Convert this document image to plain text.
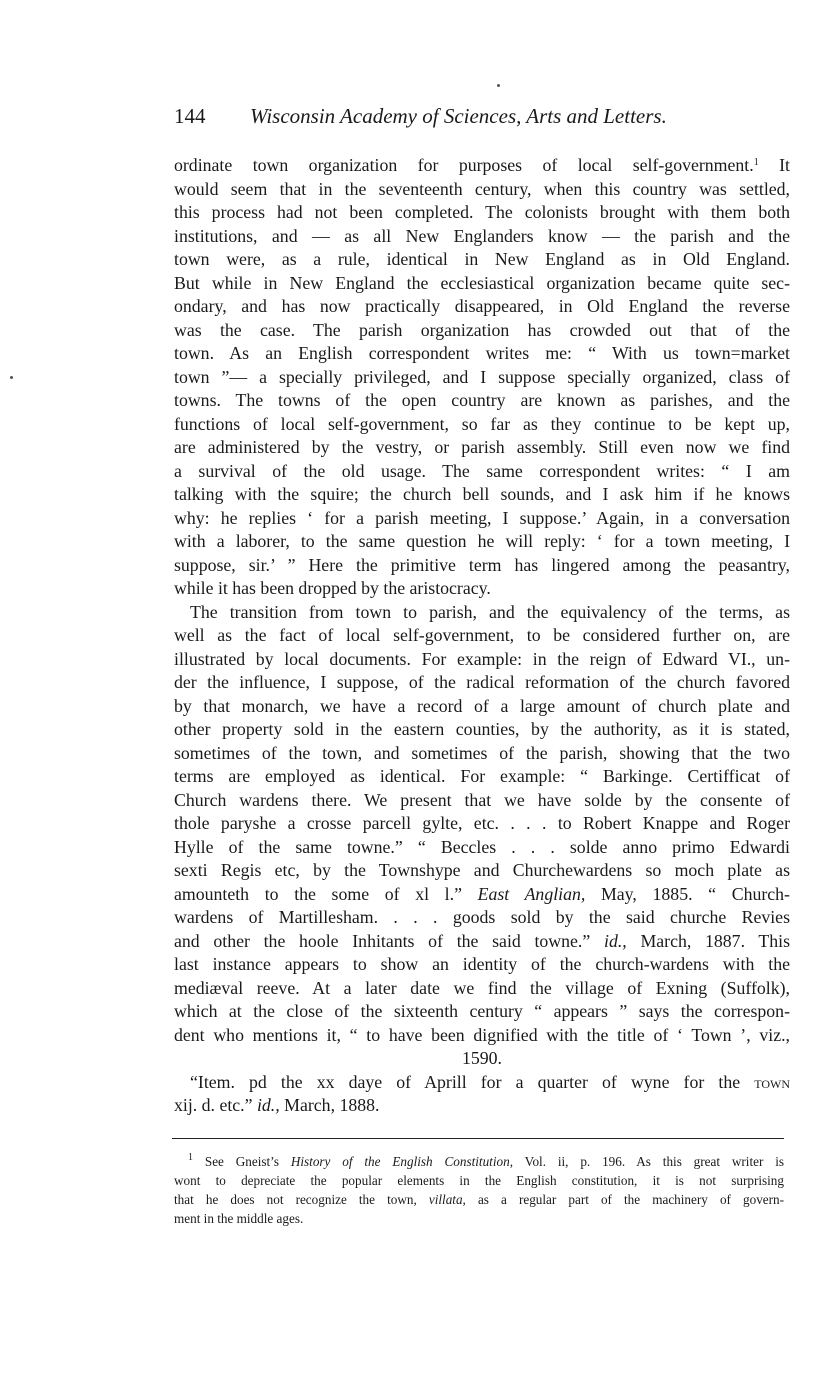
144 Wisconsin Academy of Sciences, Arts and Letters.
ordinate town organization for purposes of local self-government.$^1$ It
would seem that in the seventeenth century, when this country was settled,
this process had not been completed. The colonists brought with them both
institutions, and — as all New Englanders know — the parish and the
town were, as a rule, identical in New England as in Old England.
But while in New England the ecclesiastical organization became quite sec-
ondary, and has now practically disappeared, in Old England the reverse
was the case. The parish organization has crowded out that of the
town. As an English correspondent writes me: “ With us town=market
town ”— a specially privileged, and I suppose specially organized, class of
towns. The towns of the open country are known as parishes, and the
functions of local self-government, so far as they continue to be kept up,
are administered by the vestry, or parish assembly. Still even now we find
a survival of the old usage. The same correspondent writes: “ I am
talking with the squire; the church bell sounds, and I ask him if he knows
why: he replies ‘ for a parish meeting, I suppose.’ Again, in a conversation
with a laborer, to the same question he will reply: ‘ for a town meeting, I
suppose, sir.’ ” Here the primitive term has lingered among the peasantry,
while it has been dropped by the aristocracy.
The transition from town to parish, and the equivalency of the terms, as
well as the fact of local self-government, to be considered further on, are
illustrated by local documents. For example: in the reign of Edward VI., un-
der the influence, I suppose, of the radical reformation of the church favored
by that monarch, we have a record of a large amount of church plate and
other property sold in the eastern counties, by the authority, as it is stated,
sometimes of the town, and sometimes of the parish, showing that the two
terms are employed as identical. For example: “ Barkinge. Certifficat of
Church wardens there. We present that we have solde by the consente of
thole paryshe a crosse parcell gylte, etc. . . . to Robert Knappe and Roger
Hylle of the same towne.” “ Beccles . . . solde anno primo Edwardi
sexti Regis etc, by the Townshype and Churchewardens so moch plate as
amounteth to the some of xl l.” East Anglian, May, 1885. “ Church-
wardens of Martillesham. . . . goods sold by the said churche Revies
and other the hoole Inhitants of the said towne.” id., March, 1887. This
last instance appears to show an identity of the church-wardens with the
mediæval reeve. At a later date we find the village of Exning (Suffolk),
which at the close of the sixteenth century “ appears ” says the correspon-
dent who mentions it, “ to have been dignified with the title of ‘ Town ’, viz.,
1590.
“Item. pd the xx daye of Aprill for a quarter of wyne for the town
xij. d. etc.” id., March, 1888.
$^1$ See Gneist’s History of the English Constitution, Vol. ii, p. 196. As this great writer is
wont to depreciate the popular elements in the English constitution, it is not surprising
that he does not recognize the town, villata, as a regular part of the machinery of govern-
ment in the middle ages.
